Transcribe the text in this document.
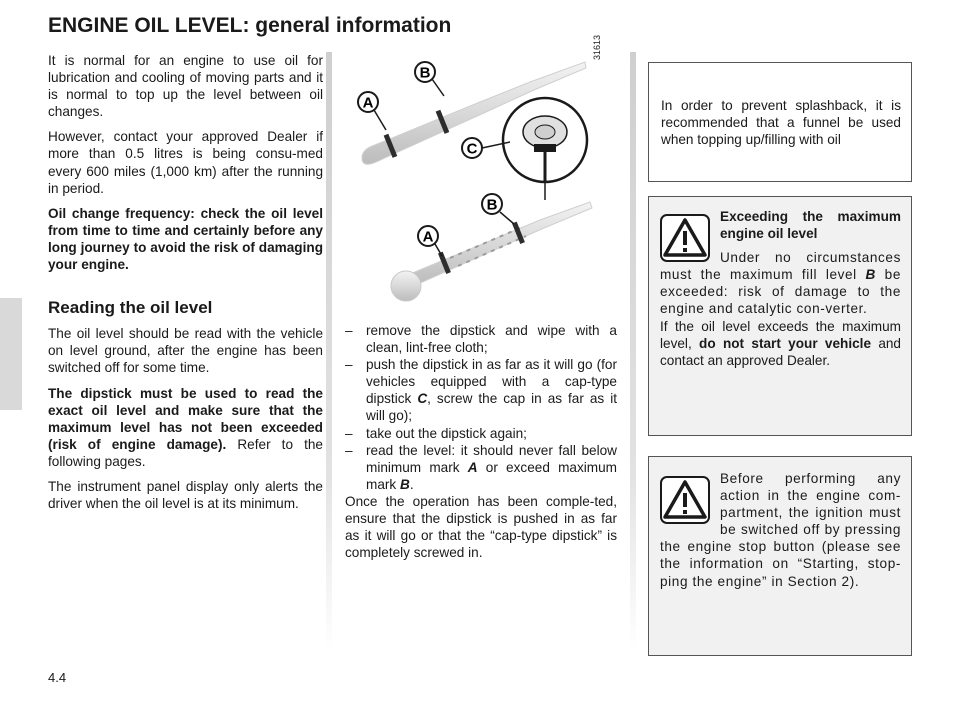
ENGINE OIL LEVEL: general information

It is normal for an engine to use oil for lubrication and cooling of moving parts and it is normal to top up the level between oil changes.

However, contact your approved Dealer if more than 0.5 litres is being consu-med every 600 miles (1,000 km) after the running in period.

Oil change frequency: check the oil level from time to time and certainly before any long journey to avoid the risk of damaging your engine.

Reading the oil level

The oil level should be read with the vehicle on level ground, after the engine has been switched off for some time.

The dipstick must be used to read the exact oil level and make sure that the maximum level has not been exceeded (risk of engine damage). Refer to the following pages.

The instrument panel display only alerts the driver when the oil level is at its minimum.

B
A
C
B
A
31613
– remove the dipstick and wipe with a clean, lint-free cloth;
– push the dipstick in as far as it will go (for vehicles equipped with a cap-type dipstick C, screw the cap in as far as it will go);
– take out the dipstick again;
– read the level: it should never fall below minimum mark A or exceed maximum mark B.

Once the operation has been comple-ted, ensure that the dipstick is pushed in as far as it will go or that the “cap-type dipstick” is completely screwed in.

In order to prevent splashback, it is recommended that a funnel be used when topping up/filling with oil

Exceeding the maximum engine oil level

Under no circumstances must the maximum fill level B be exceeded: risk of damage to the engine and catalytic con-verter.

If the oil level exceeds the maximum level, do not start your vehicle and contact an approved Dealer.

Before performing any action in the engine com-partment, the ignition must be switched off by pressing the engine stop button (please see the information on “Starting, stop-ping the engine” in Section 2).

4.4
